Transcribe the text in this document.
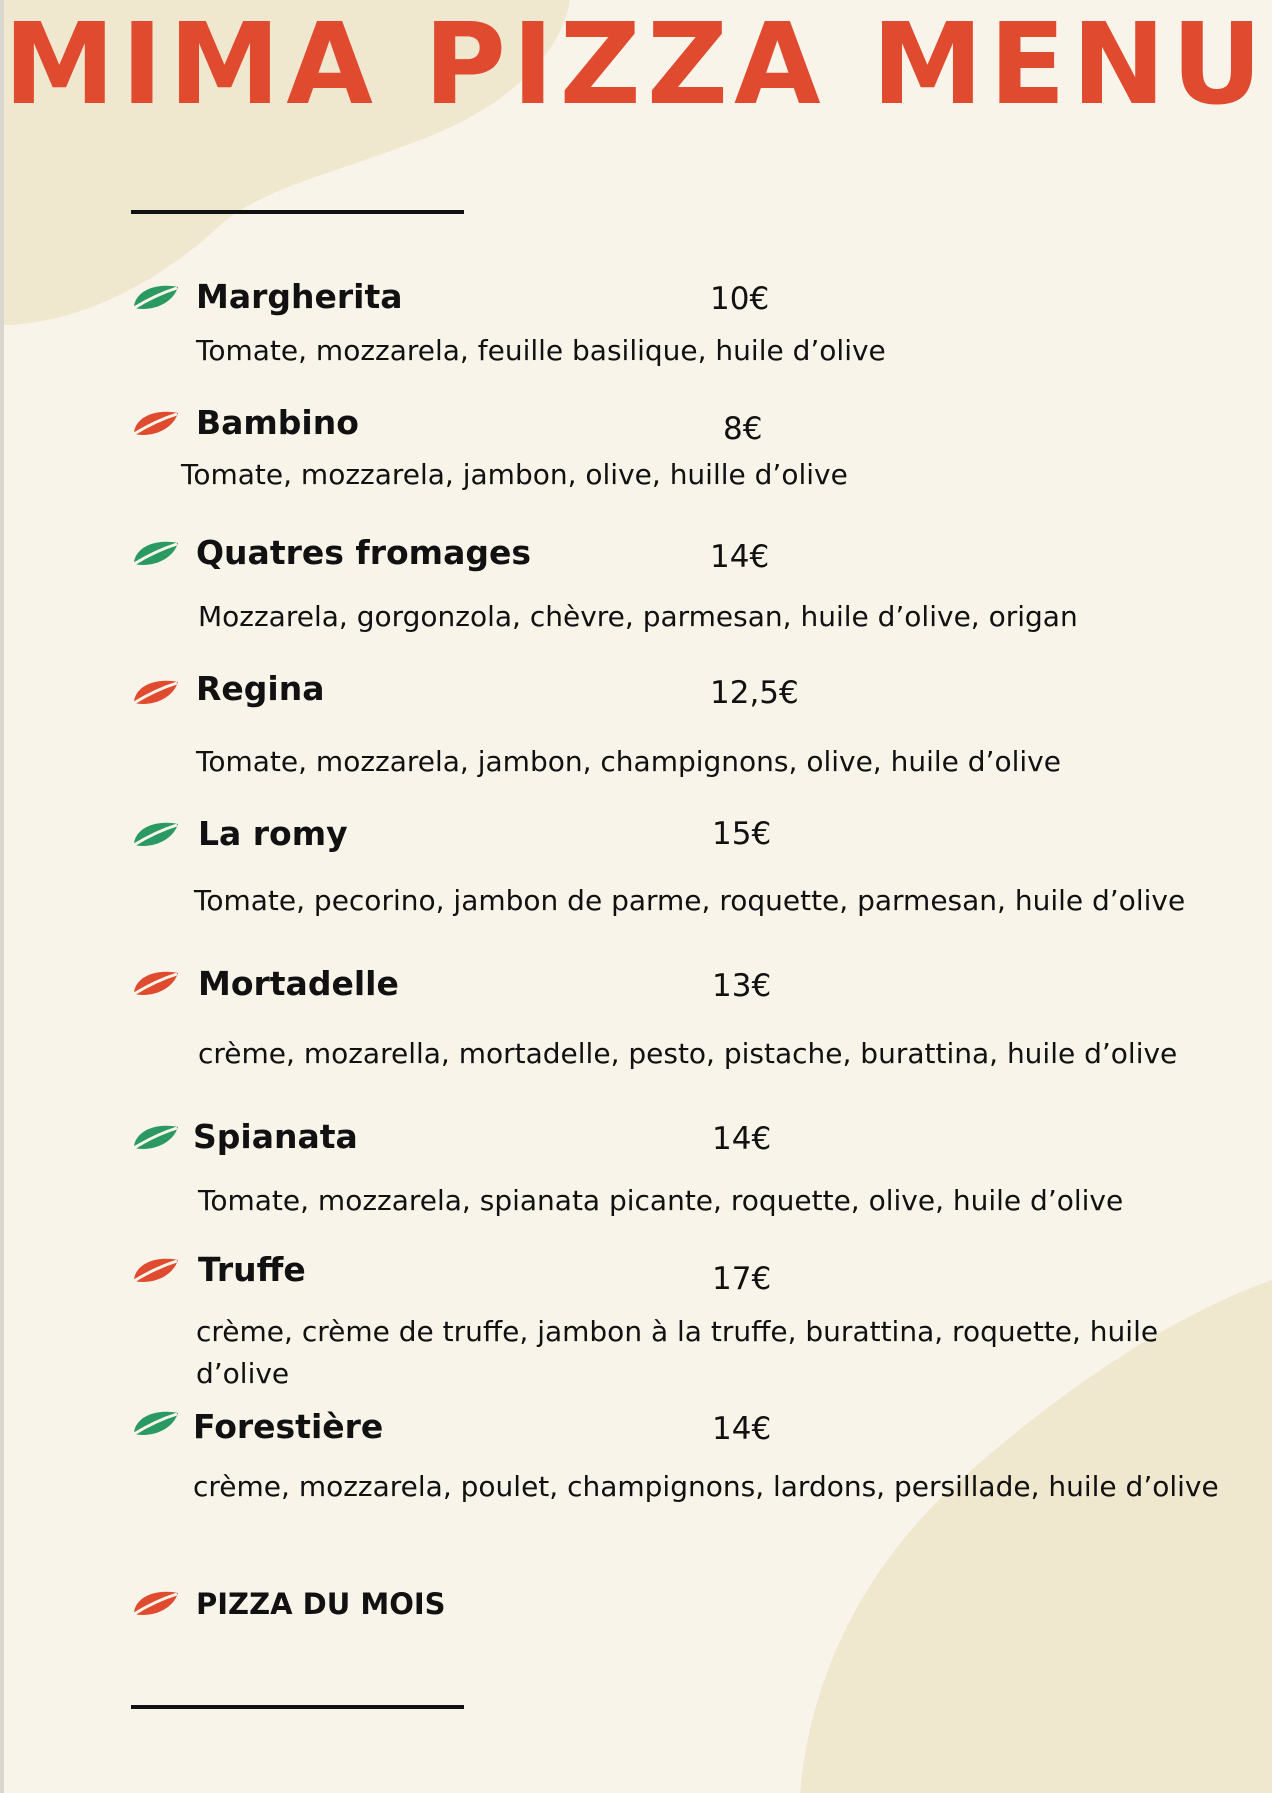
MIMA PIZZA MENU
Margherita	10€
Tomate, mozzarela, feuille basilique, huile d’olive
Bambino	8€
Tomate, mozzarela, jambon, olive, huille d’olive
Quatres fromages	14€
Mozzarela, gorgonzola, chèvre, parmesan, huile d’olive, origan
Regina	12,5€
Tomate, mozzarela, jambon, champignons, olive, huile d’olive
La romy	15€
Tomate, pecorino, jambon de parme, roquette, parmesan, huile d’olive
Mortadelle	13€
crème, mozarella, mortadelle, pesto, pistache, burattina, huile d’olive
Spianata	14€
Tomate, mozzarela, spianata picante, roquette, olive, huile d’olive
Truffe	17€
crème, crème de truffe, jambon à la truffe, burattina, roquette, huile d’olive
Forestière	14€
crème, mozzarela, poulet, champignons, lardons, persillade, huile d’olive
PIZZA DU MOIS
